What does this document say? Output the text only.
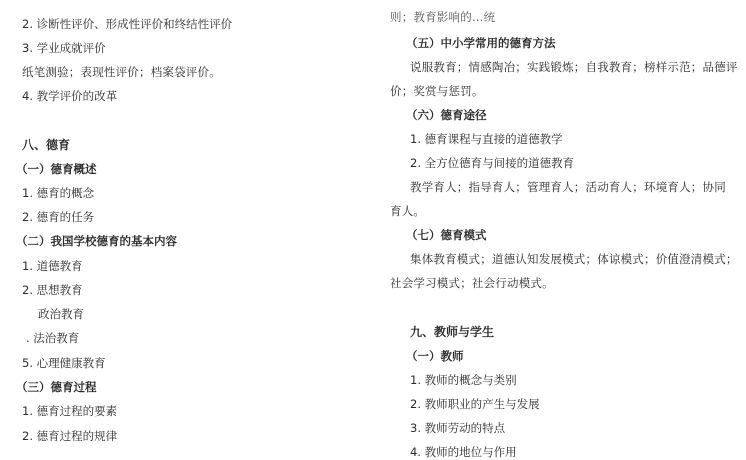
2. 诊断性评价、形成性评价和终结性评价
3. 学业成就评价
纸笔测验；表现性评价；档案袋评价。
4. 教学评价的改革
八、德育
（一）德育概述
1. 德育的概念
2. 德育的任务
（二）我国学校德育的基本内容
1. 道德教育
2. 思想教育
政治教育
. 法治教育
5. 心理健康教育
（三）德育过程
1. 德育过程的要素
2. 德育过程的规律
则；教育影响的…统
（五）中小学常用的德育方法
说服教育；情感陶冶；实践锻炼；自我教育；榜样示范；品德评
价；奖赏与惩罚。
（六）德育途径
1. 德育课程与直接的道德教学
2. 全方位德育与间接的道德教育
教学育人；指导育人；管理育人；活动育人；环境育人；协同
育人。
（七）德育模式
集体教育模式；道德认知发展模式；体谅模式；价值澄清模式；
社会学习模式；社会行动模式。
九、教师与学生
（一）教师
1. 教师的概念与类别
2. 教师职业的产生与发展
3. 教师劳动的特点
4. 教师的地位与作用
